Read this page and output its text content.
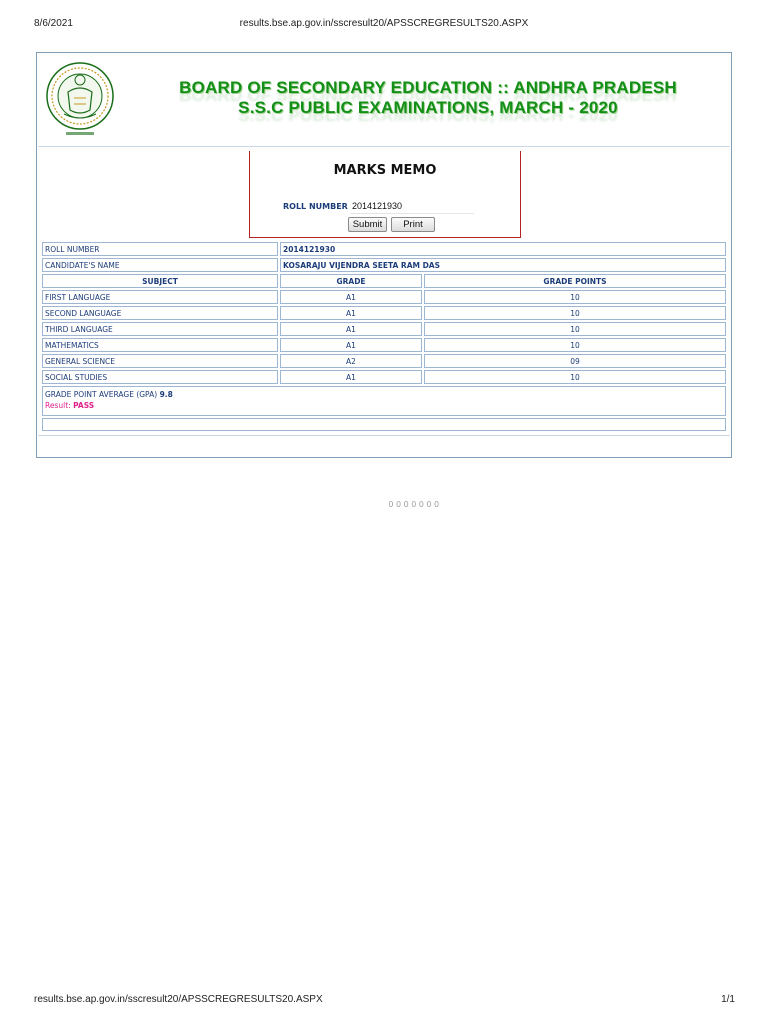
8/6/2021	results.bse.ap.gov.in/sscresult20/APSSCREGRESULTS20.ASPX
BOARD OF SECONDARY EDUCATION :: ANDHRA PRADESH
S.S.C PUBLIC EXAMINATIONS, MARCH - 2020
MARKS MEMO
ROLL NUMBER
2014121930
Submit	Print
ROLL NUMBER	2014121930	
CANDIDATE'S NAME	KOSARAJU VIJENDRA SEETA RAM DAS	
SUBJECT	GRADE	GRADE POINTS
FIRST LANGUAGE	A1	10
SECOND LANGUAGE	A1	10
THIRD LANGUAGE	A1	10
MATHEMATICS	A1	10
GENERAL SCIENCE	A2	09
SOCIAL STUDIES	A1	10
GRADE POINT AVERAGE (GPA) 9.8
Result: PASS		

0000000
results.bse.ap.gov.in/sscresult20/APSSCREGRESULTS20.ASPX	1/1
